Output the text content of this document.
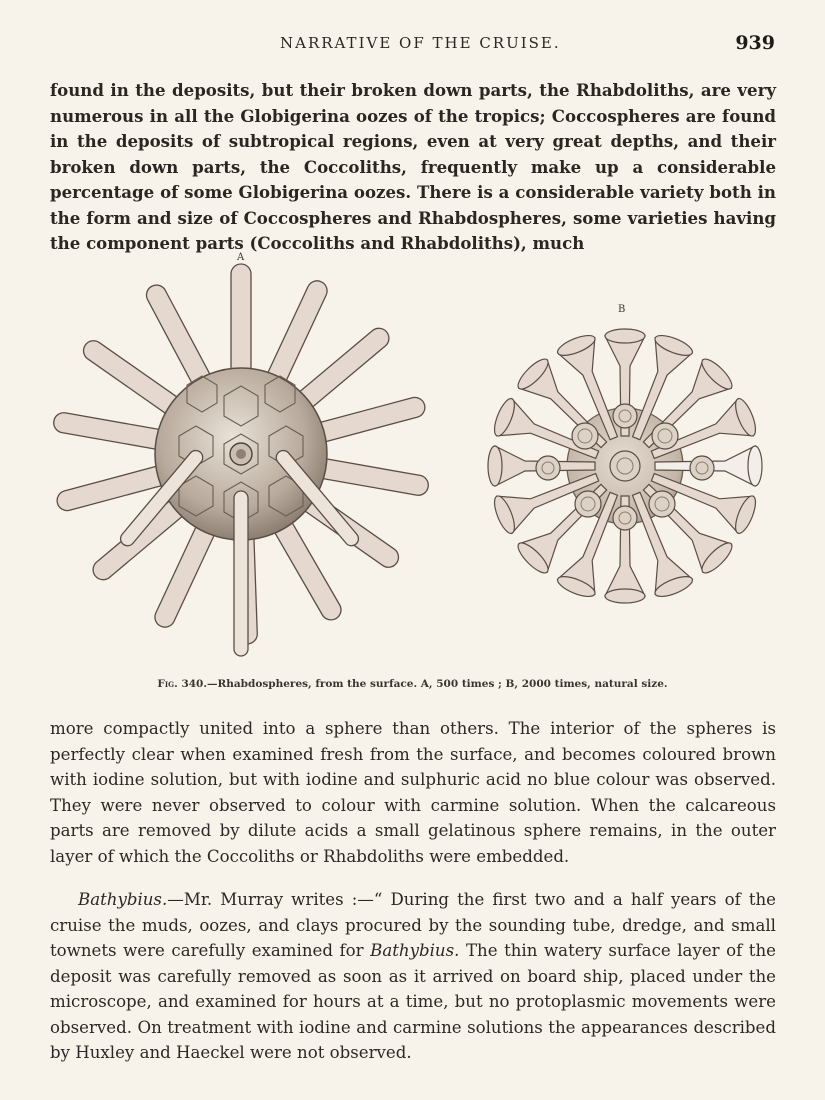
NARRATIVE OF THE CRUISE.	939

found in the deposits, but their broken down parts, the Rhabdoliths, are very numerous in all the Globigerina oozes of the tropics; Coccospheres are found in the deposits of subtropical regions, even at very great depths, and their broken down parts, the Coccoliths, frequently make up a considerable percentage of some Globigerina oozes. There is a considerable variety both in the form and size of Coccospheres and Rhabdospheres, some varieties having the component parts (Coccoliths and Rhabdoliths), much

A
B
Fig. 340.—Rhabdospheres, from the surface. A, 500 times ; B, 2000 times, natural size.

more compactly united into a sphere than others. The interior of the spheres is perfectly clear when examined fresh from the surface, and becomes coloured brown with iodine solution, but with iodine and sulphuric acid no blue colour was observed. They were never observed to colour with carmine solution. When the calcareous parts are removed by dilute acids a small gelatinous sphere remains, in the outer layer of which the Coccoliths or Rhabdoliths were embedded.

Bathybius.—Mr. Murray writes :—“ During the first two and a half years of the cruise the muds, oozes, and clays procured by the sounding tube, dredge, and small townets were carefully examined for Bathybius. The thin watery surface layer of the deposit was carefully removed as soon as it arrived on board ship, placed under the microscope, and examined for hours at a time, but no protoplasmic movements were observed. On treatment with iodine and carmine solutions the appearances described by Huxley and Haeckel were not observed.
